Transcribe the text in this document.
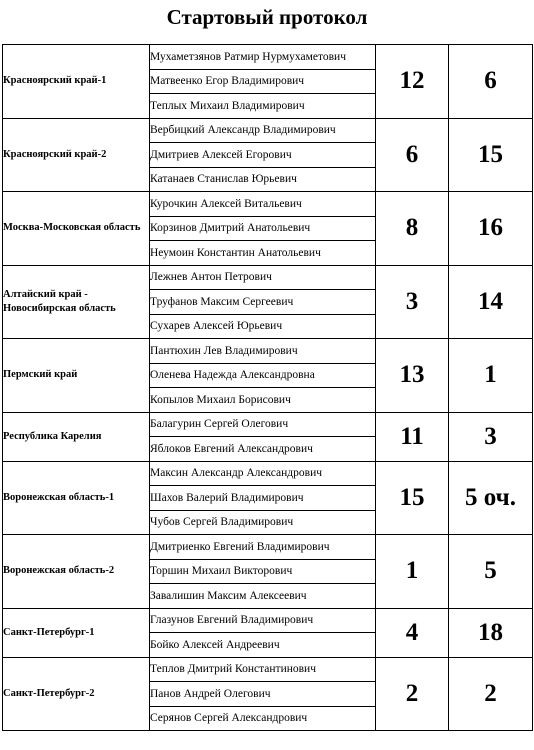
Стартовый протокол
Красноярский край-1	Мухаметзянов Ратмир Нурмухаметович	12	6
	Матвеенко Егор Владимирович		
	Теплых Михаил Владимирович		
Красноярский край-2	Вербицкий Александр Владимирович	6	15
	Дмитриев Алексей Егорович		
	Катанаев Станислав Юрьевич		
Москва-Московская область	Курочкин Алексей Витальевич	8	16
	Корзинов Дмитрий Анатольевич		
	Неумоин Константин Анатольевич		
Алтайский край - Новосибирская область	Лежнев Антон Петрович	3	14
	Труфанов Максим Сергеевич		
	Сухарев Алексей Юрьевич		
Пермский край	Пантюхин Лев Владимирович	13	1
	Оленева Надежда Александровна		
	Копылов Михаил Борисович		
Республика Карелия	Балагурин Сергей Олегович	11	3
	Яблоков Евгений Александрович		
Воронежская область-1	Максин Александр Александрович	15	5 оч.
	Шахов Валерий Владимирович		
	Чубов Сергей Владимирович		
Воронежская область-2	Дмитриенко Евгений Владимирович	1	5
	Торшин Михаил Викторович		
	Завалишин Максим Алексеевич		
Санкт-Петербург-1	Глазунов Евгений Владимирович	4	18
	Бойко Алексей Андреевич		
Санкт-Петербург-2	Теплов Дмитрий Константинович	2	2
	Панов Андрей Олегович		
	Серянов Сергей Александрович		
